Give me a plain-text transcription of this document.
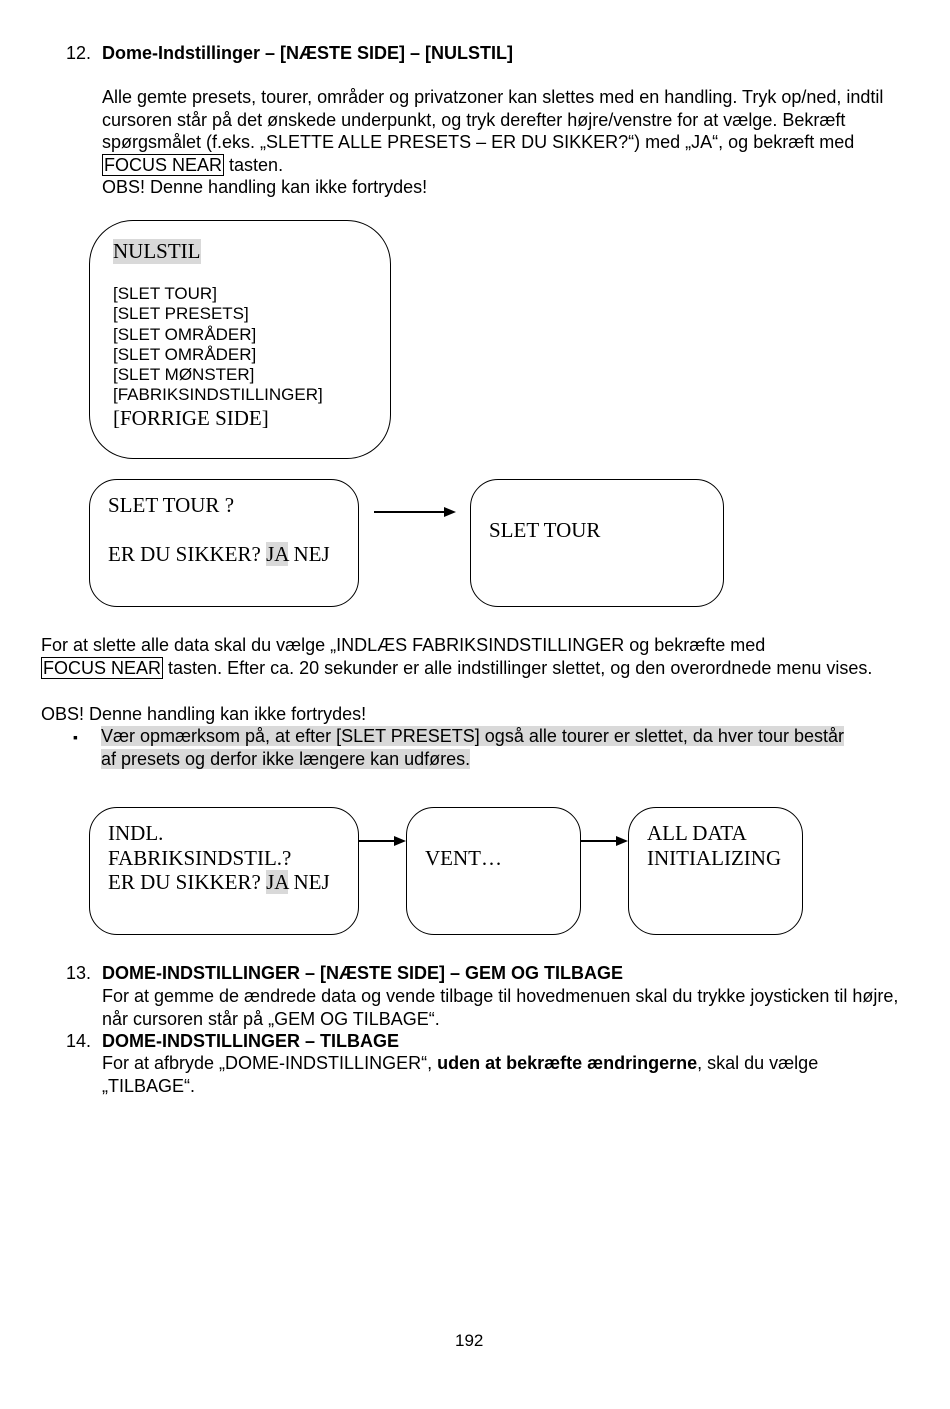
12. Dome-Indstillinger – [NÆSTE SIDE] – [NULSTIL]
Alle gemte presets, tourer, områder og privatzoner kan slettes med en handling. Tryk op/ned, indtil cursoren står på det ønskede underpunkt, og tryk derefter højre/venstre for at vælge. Bekræft spørgsmålet (f.eks. „SLETTE ALLE PRESETS – ER DU SIKKER?“) med „JA“, og bekræft med FOCUS NEAR tasten.
OBS! Denne handling kan ikke fortrydes!
NULSTIL
[SLET TOUR]
[SLET PRESETS]
[SLET OMRÅDER]
[SLET OMRÅDER]
[SLET MØNSTER]
[FABRIKSINDSTILLINGER]
[FORRIGE SIDE]
SLET TOUR ?
ER DU SIKKER? JA NEJ
SLET TOUR
For at slette alle data skal du vælge „INDLÆS FABRIKSINDSTILLINGER og bekræfte med
FOCUS NEAR tasten. Efter ca. 20 sekunder er alle indstillinger slettet, og den overordnede menu vises.
OBS! Denne handling kan ikke fortrydes!
▪ Vær opmærksom på, at efter [SLET PRESETS] også alle tourer er slettet, da hver tour består af presets og derfor ikke længere kan udføres.
INDL.
FABRIKSINDSTIL.?
ER DU SIKKER? JA NEJ
VENT…
ALL DATA
INITIALIZING
13. DOME-INDSTILLINGER – [NÆSTE SIDE] – GEM OG TILBAGE
For at gemme de ændrede data og vende tilbage til hovedmenuen skal du trykke joysticken til højre, når cursoren står på „GEM OG TILBAGE“.
14. DOME-INDSTILLINGER – TILBAGE
For at afbryde „DOME-INDSTILLINGER“, uden at bekræfte ændringerne, skal du vælge „TILBAGE“.
192
